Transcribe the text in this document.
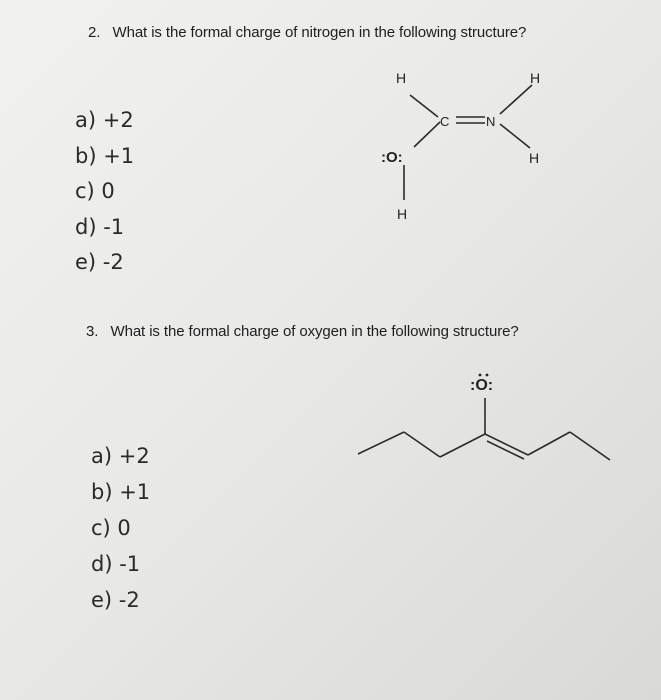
2. What is the formal charge of nitrogen in the following structure?
a) +2
b) +1
c) 0
d) -1
e) -2
H	H
C	N
H
:O:
H
3. What is the formal charge of oxygen in the following structure?
a) +2
b) +1
c) 0
d) -1
e) -2
:O:
